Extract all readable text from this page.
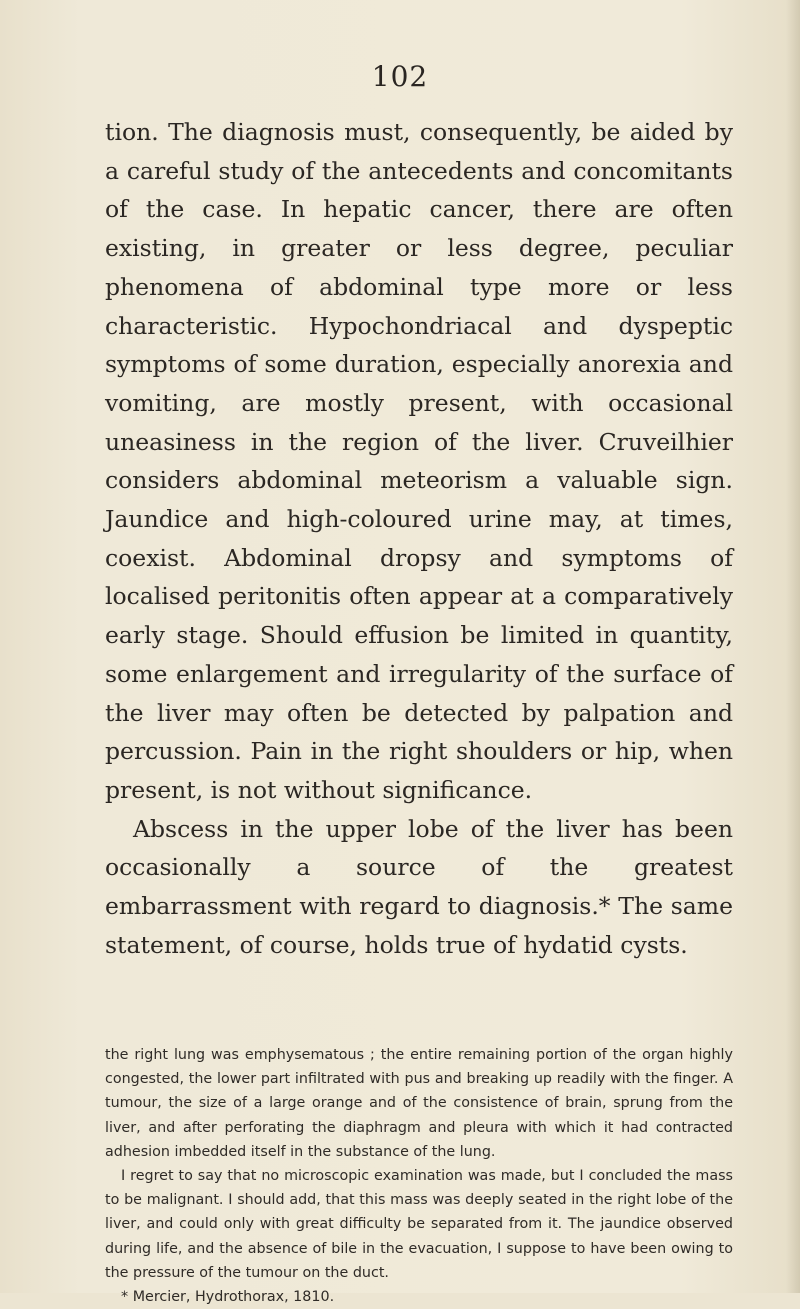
102

tion. The diagnosis must, consequently, be aided by a careful study of the antecedents and concomitants of the case. In hepatic cancer, there are often existing, in greater or less degree, peculiar phenomena of abdominal type more or less characteristic. Hypochondriacal and dyspeptic symptoms of some duration, especially anorexia and vomiting, are mostly present, with occasional uneasiness in the region of the liver. Cruveilhier considers abdominal meteorism a valuable sign. Jaundice and high-coloured urine may, at times, coexist. Abdominal dropsy and symptoms of localised peritonitis often appear at a comparatively early stage. Should effusion be limited in quantity, some enlargement and irregularity of the surface of the liver may often be detected by palpation and percussion. Pain in the right shoulders or hip, when present, is not without significance.

Abscess in the upper lobe of the liver has been occasionally a source of the greatest embarrassment with regard to diagnosis.* The same statement, of course, holds true of hydatid cysts.

the right lung was emphysematous ; the entire remaining portion of the organ highly congested, the lower part infiltrated with pus and breaking up readily with the finger. A tumour, the size of a large orange and of the consistence of brain, sprung from the liver, and after perforating the diaphragm and pleura with which it had contracted adhesion imbedded itself in the substance of the lung.

I regret to say that no microscopic examination was made, but I concluded the mass to be malignant. I should add, that this mass was deeply seated in the right lobe of the liver, and could only with great difficulty be separated from it. The jaundice observed during life, and the absence of bile in the evacuation, I suppose to have been owing to the pressure of the tumour on the duct.

* Mercier, Hydrothorax, 1810.
